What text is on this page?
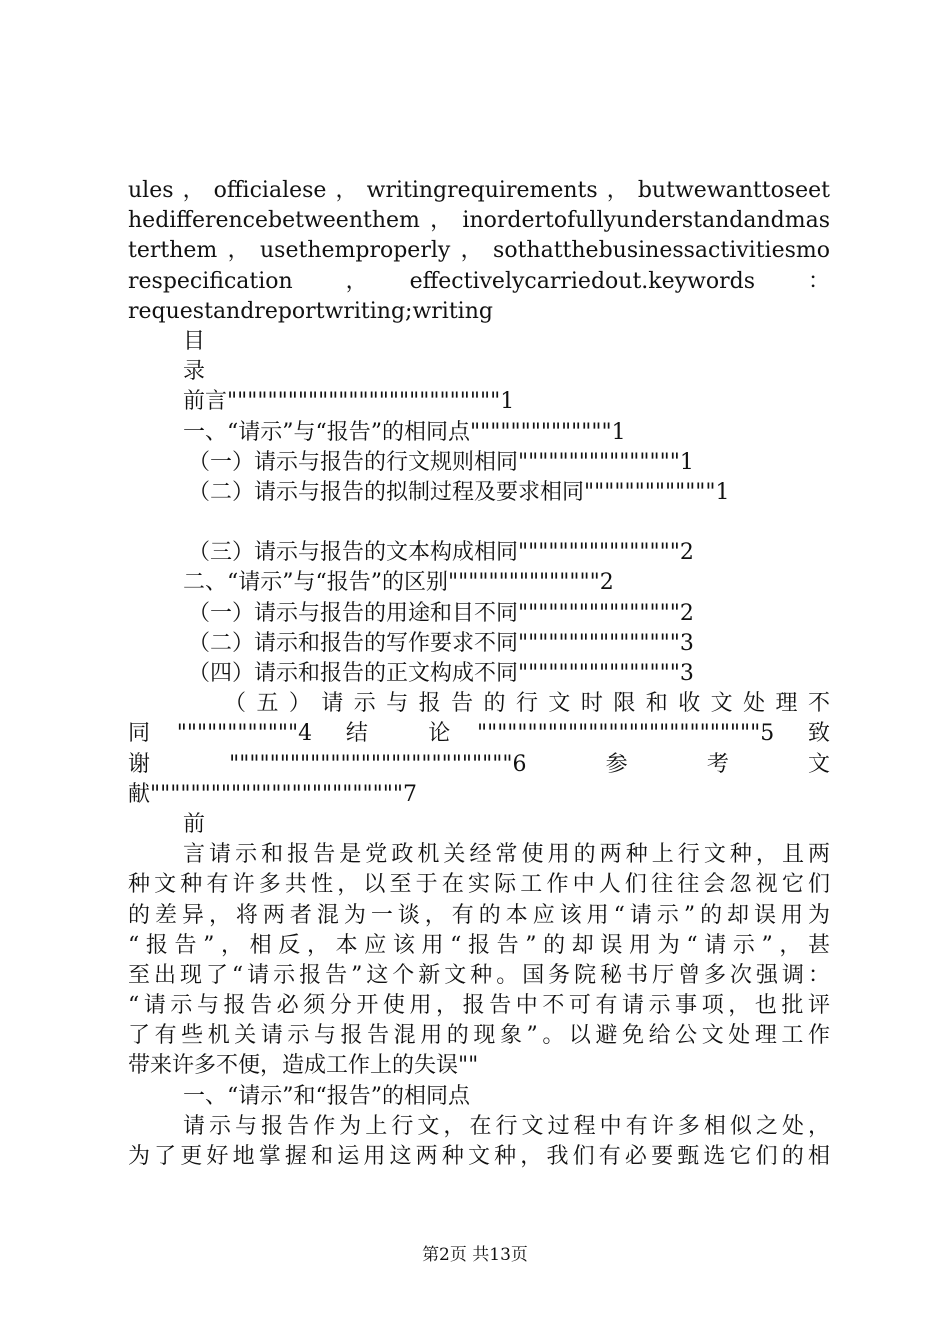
ules，officialese，writingrequirements，butwewanttoseet
hedifferencebetweenthem，inordertofullyunderstandandmas
terthem，usethemproperly，sothatthebusinessactivitiesmo
respecification　，　effectivelycarriedout.keywords　：
requestandreportwriting;writing
目
录
前言"""""""""""""""""""""""""""1
一、“请示”与“报告”的相同点""""""""""""""1
（一）请示与报告的行文规则相同""""""""""""""""1
（二）请示与报告的拟制过程及要求相同"""""""""""""1
（三）请示与报告的文本构成相同""""""""""""""""2
二、“请示”与“报告”的区别"""""""""""""""2
（一）请示与报告的用途和目不同""""""""""""""""2
（二）请示和报告的写作要求不同""""""""""""""""3
（四）请示和报告的正文构成不同""""""""""""""""3
（五）请示与报告的行文时限和收文处理不
同""""""""""""4 结 论""""""""""""""""""""""""""""5 致
谢　　""""""""""""""""""""""""""""6　　参　　考　　文
献"""""""""""""""""""""""""7
前
言请示和报告是党政机关经常使用的两种上行文种，且两
种文种有许多共性，以至于在实际工作中人们往往会忽视它们
的差异，将两者混为一谈，有的本应该用“请示”的却误用为
“报告”，相反，本应该用“报告”的却误用为“请示”，甚
至出现了“请示报告”这个新文种。国务院秘书厅曾多次强调：
“请示与报告必须分开使用，报告中不可有请示事项，也批评
了有些机关请示与报告混用的现象”。以避免给公文处理工作
带来许多不便，造成工作上的失误""
一、“请示”和“报告”的相同点
请示与报告作为上行文，在行文过程中有许多相似之处，
为了更好地掌握和运用这两种文种，我们有必要甄选它们的相
第2页 共13页
